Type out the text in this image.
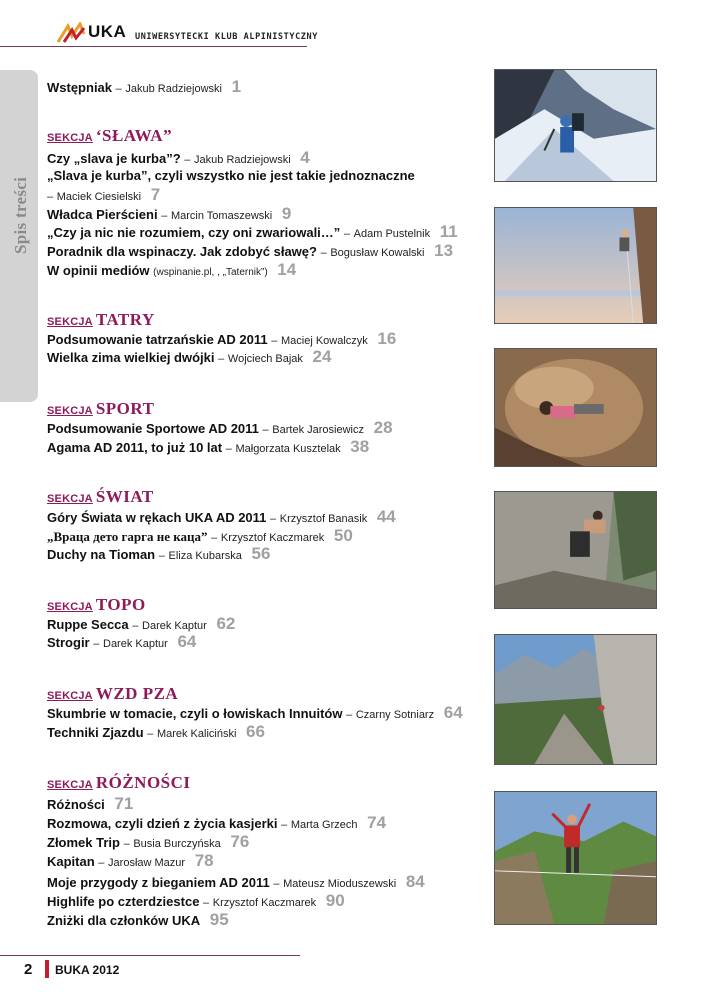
UKA UNIWERSYTECKI KLUB ALPINISTYCZNY
Spis treści
Wstępniak – Jakub Radziejowski 1
SEKCJA ‘SŁAWA”
Czy „slava je kurba”? – Jakub Radziejowski 4
„Slava je kurba”, czyli wszystko nie jest takie jednoznaczne
– Maciek Ciesielski 7
Władca Pierścieni – Marcin Tomaszewski 9
„Czy ja nic nie rozumiem, czy oni zwariowali…” – Adam Pustelnik 11
Poradnik dla wspinaczy. Jak zdobyć sławę? – Bogusław Kowalski 13
W opinii mediów (wspinanie.pl, , „Taternik”) 14
SEKCJA TATRY
Podsumowanie tatrzańskie AD 2011 – Maciej Kowalczyk 16
Wielka zima wielkiej dwójki – Wojciech Bajak 24
SEKCJA SPORT
Podsumowanie Sportowe AD 2011 – Bartek Jarosiewicz 28
Agama AD 2011, to już 10 lat – Małgorzata Kusztelak 38
SEKCJA ŚWIAT
Góry Świata w rękach UKA AD 2011 – Krzysztof Banasik 44
„Враца дето гарга не каца” – Krzysztof Kaczmarek 50
Duchy na Tioman – Eliza Kubarska 56
SEKCJA TOPO
Ruppe Secca – Darek Kaptur 62
Strogir – Darek Kaptur 64
SEKCJA WZD PZA
Skumbrie w tomacie, czyli o łowiskach Innuitów – Czarny Sotniarz 64
Techniki Zjazdu – Marek Kaliciński 66
SEKCJA RÓŻNOŚCI
Różności 71
Rozmowa, czyli dzień z życia kasjerki – Marta Grzech 74
Złomek Trip – Busia Burczyńska 76
Kapitan – Jarosław Mazur 78
Moje przygody z bieganiem AD 2011 – Mateusz Mioduszewski 84
Highlife po czterdziestce – Krzysztof Kaczmarek 90
Zniżki dla członków UKA 95
2 BUKA 2012
